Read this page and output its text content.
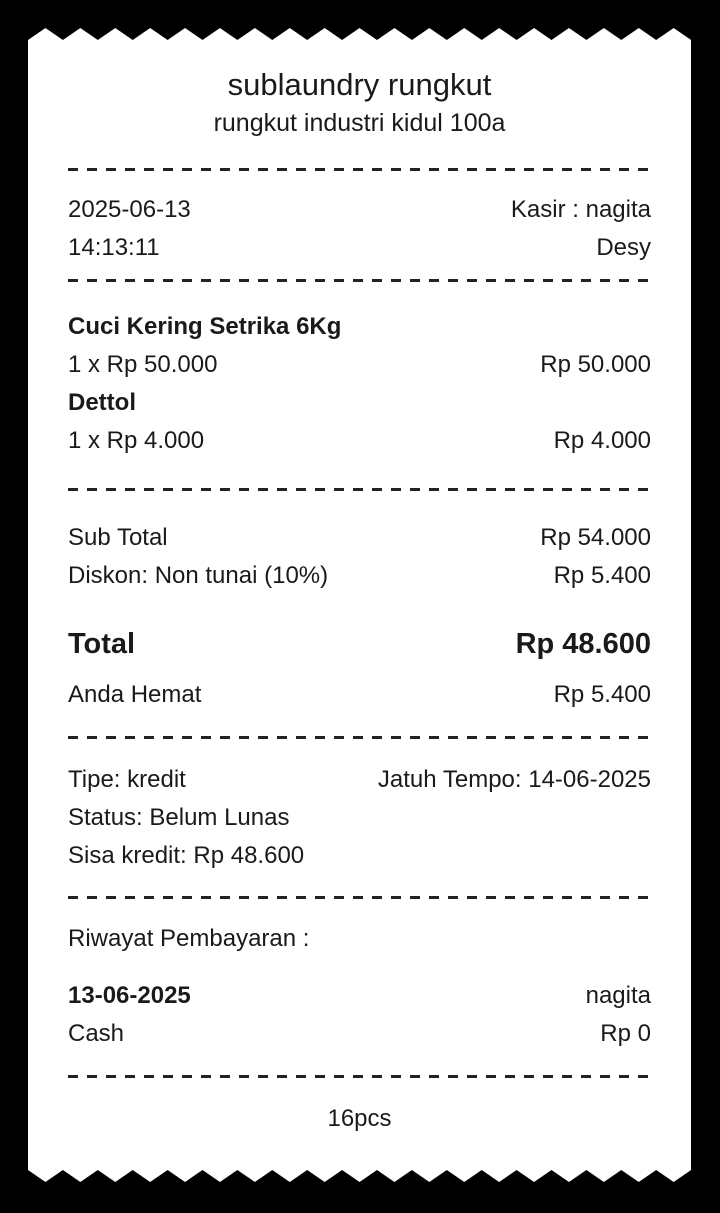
sublaundry rungkut
rungkut industri kidul 100a
2025-06-13	Kasir : nagita
14:13:11	Desy
Cuci Kering Setrika 6Kg
1 x Rp 50.000	Rp 50.000
Dettol
1 x Rp 4.000	Rp 4.000
Sub Total	Rp 54.000
Diskon: Non tunai (10%)	Rp 5.400
Total	Rp 48.600
Anda Hemat	Rp 5.400
Tipe: kredit	Jatuh Tempo: 14-06-2025
Status: Belum Lunas
Sisa kredit: Rp 48.600
Riwayat Pembayaran :
13-06-2025	nagita
Cash	Rp 0
16pcs
